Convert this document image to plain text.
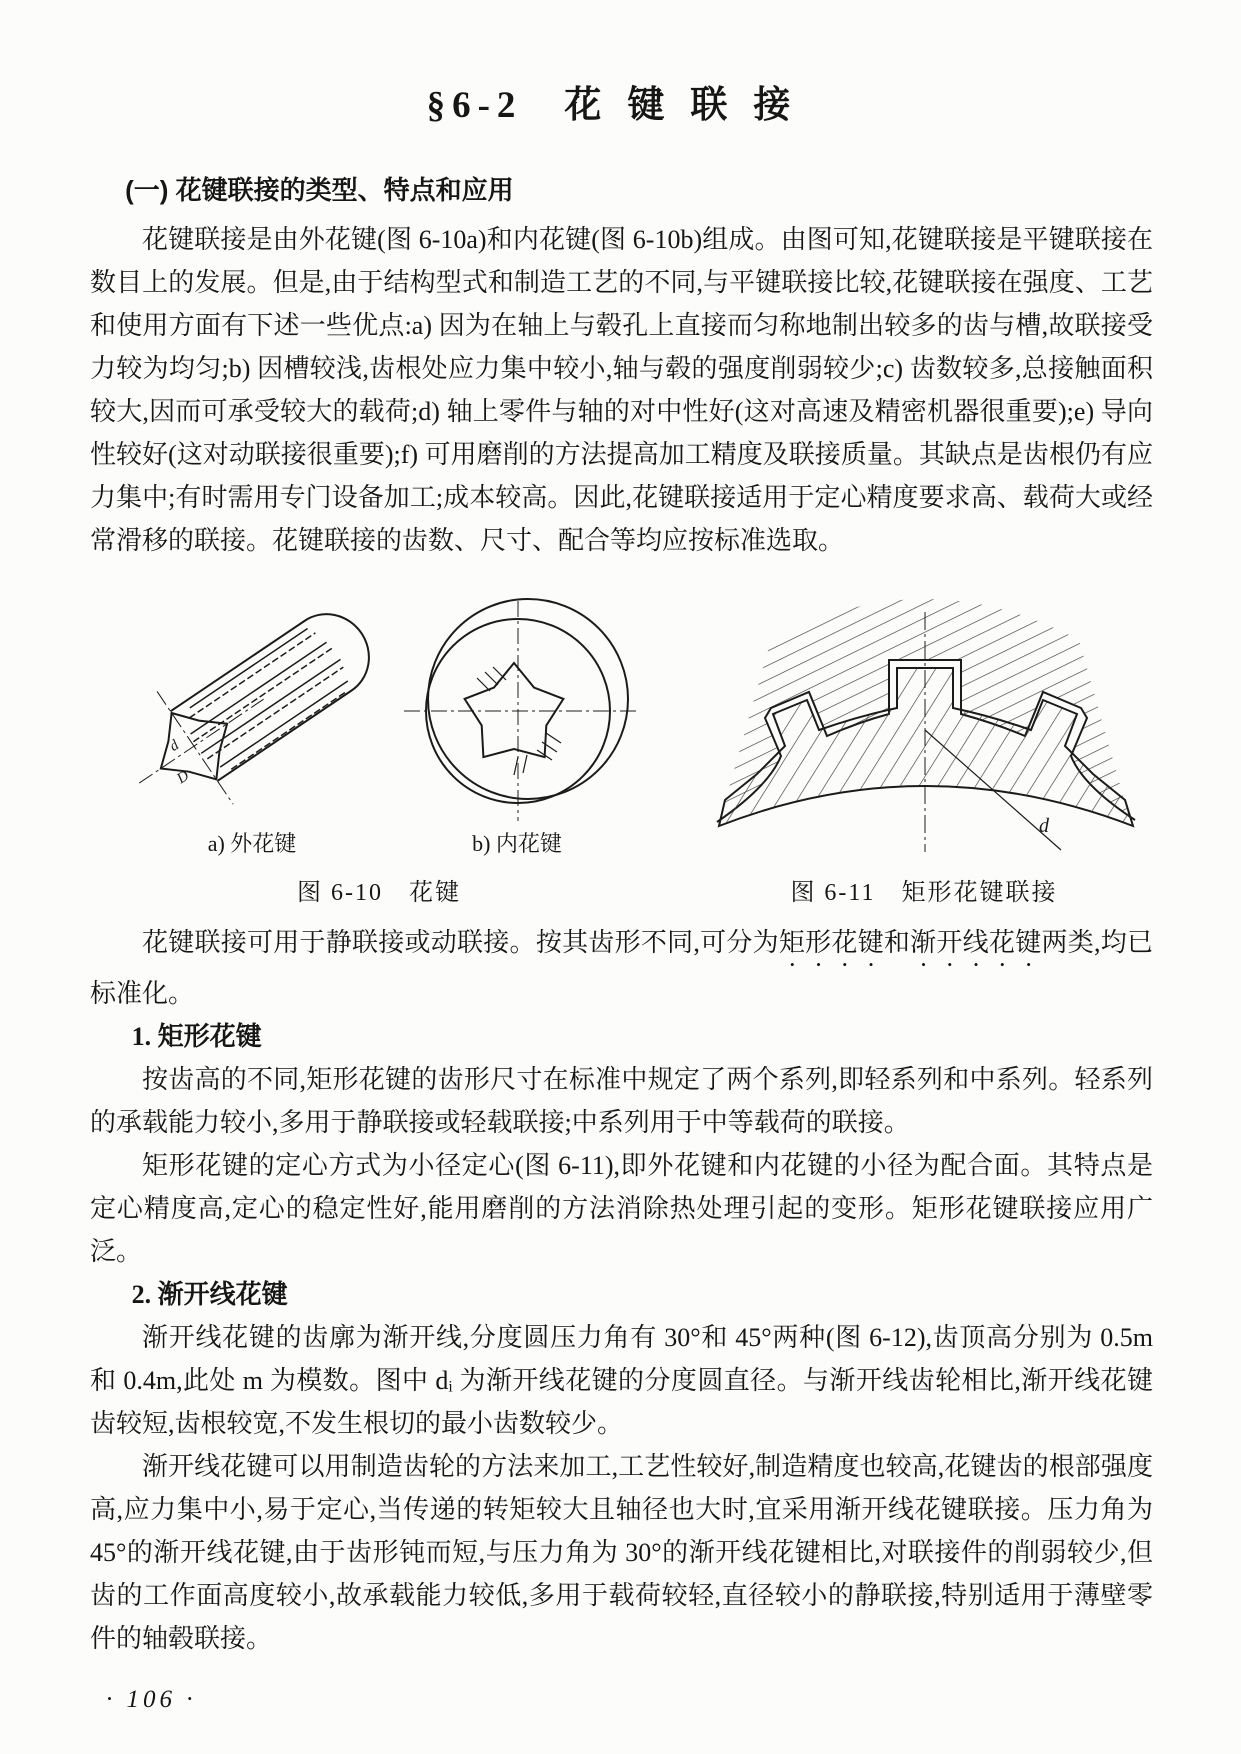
§6-2 花键联接
(一) 花键联接的类型、特点和应用

花键联接是由外花键(图 6-10a)和内花键(图 6-10b)组成。由图可知,花键联接是平键联接在数目上的发展。但是,由于结构型式和制造工艺的不同,与平键联接比较,花键联接在强度、工艺和使用方面有下述一些优点:a) 因为在轴上与毂孔上直接而匀称地制出较多的齿与槽,故联接受力较为均匀;b) 因槽较浅,齿根处应力集中较小,轴与毂的强度削弱较少;c) 齿数较多,总接触面积较大,因而可承受较大的载荷;d) 轴上零件与轴的对中性好(这对高速及精密机器很重要);e) 导向性较好(这对动联接很重要);f) 可用磨削的方法提高加工精度及联接质量。其缺点是齿根仍有应力集中;有时需用专门设备加工;成本较高。因此,花键联接适用于定心精度要求高、载荷大或经常滑移的联接。花键联接的齿数、尺寸、配合等均应按标准选取。

d
D
a) 外花键	b) 内花键
图 6-10　花键
d
图 6-11　矩形花键联接

花键联接可用于静联接或动联接。按其齿形不同,可分为矩形花键和渐开线花键两类,均已标准化。

1. 矩形花键

按齿高的不同,矩形花键的齿形尺寸在标准中规定了两个系列,即轻系列和中系列。轻系列的承载能力较小,多用于静联接或轻载联接;中系列用于中等载荷的联接。

矩形花键的定心方式为小径定心(图 6-11),即外花键和内花键的小径为配合面。其特点是定心精度高,定心的稳定性好,能用磨削的方法消除热处理引起的变形。矩形花键联接应用广泛。

2. 渐开线花键

渐开线花键的齿廓为渐开线,分度圆压力角有 30°和 45°两种(图 6-12),齿顶高分别为 0.5m 和 0.4m,此处 m 为模数。图中 dᵢ 为渐开线花键的分度圆直径。与渐开线齿轮相比,渐开线花键齿较短,齿根较宽,不发生根切的最小齿数较少。

渐开线花键可以用制造齿轮的方法来加工,工艺性较好,制造精度也较高,花键齿的根部强度高,应力集中小,易于定心,当传递的转矩较大且轴径也大时,宜采用渐开线花键联接。压力角为 45°的渐开线花键,由于齿形钝而短,与压力角为 30°的渐开线花键相比,对联接件的削弱较少,但齿的工作面高度较小,故承载能力较低,多用于载荷较轻,直径较小的静联接,特别适用于薄壁零件的轴毂联接。

· 106 ·
